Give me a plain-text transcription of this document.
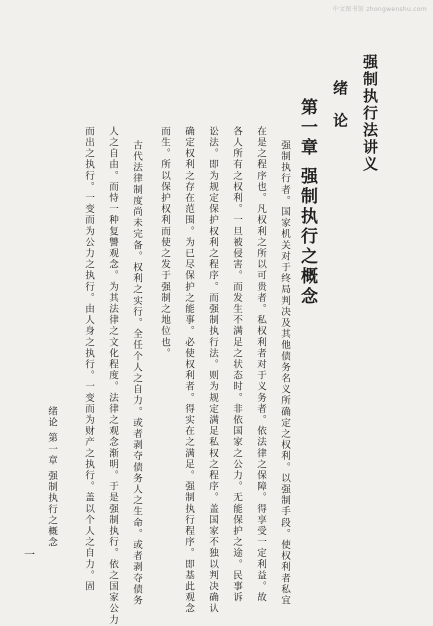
中文图书馆 zhongwenshu.com
强制执行法讲义
绪 论
第一章 强制执行之概念
强制执行者。国家机关对于终局判决及其他债务名义所确定之权利。以强制手段。使权利者私宜
在是之程序也。凡权利之所以可贵者。私权利者对于义务者。依法律之保障。得享受一定利益。故
各人所有之权利。一旦被侵害。而发生不满足之状态时。非依国家之公力。无能保护之途。民事诉
讼法。即为规定保护权利之程序。而强制执行法。则为规定满足私权之程序。盖国家不独以判决确认
确定权利之存在范围。为已尽保护之能事。必使权利者。得实在之满足。强制执行程序。即基此观念
而生。所以保护权利而使之发于强制之地位也。
古代法律制度尚未完备。权利之实行。全任个人之自力。或者剥夺债务人之生命。或者剥夺债务
人之自由。而恃一种复讐观念。为其法律之文化程度。法律之观念渐明。于是强制执行。依之国家公力
而出之执行。一变而为公力之执行。由人身之执行。一变而为财产之执行。盖以个人之自力。固
绪论 第一章 强制执行之概念
一
